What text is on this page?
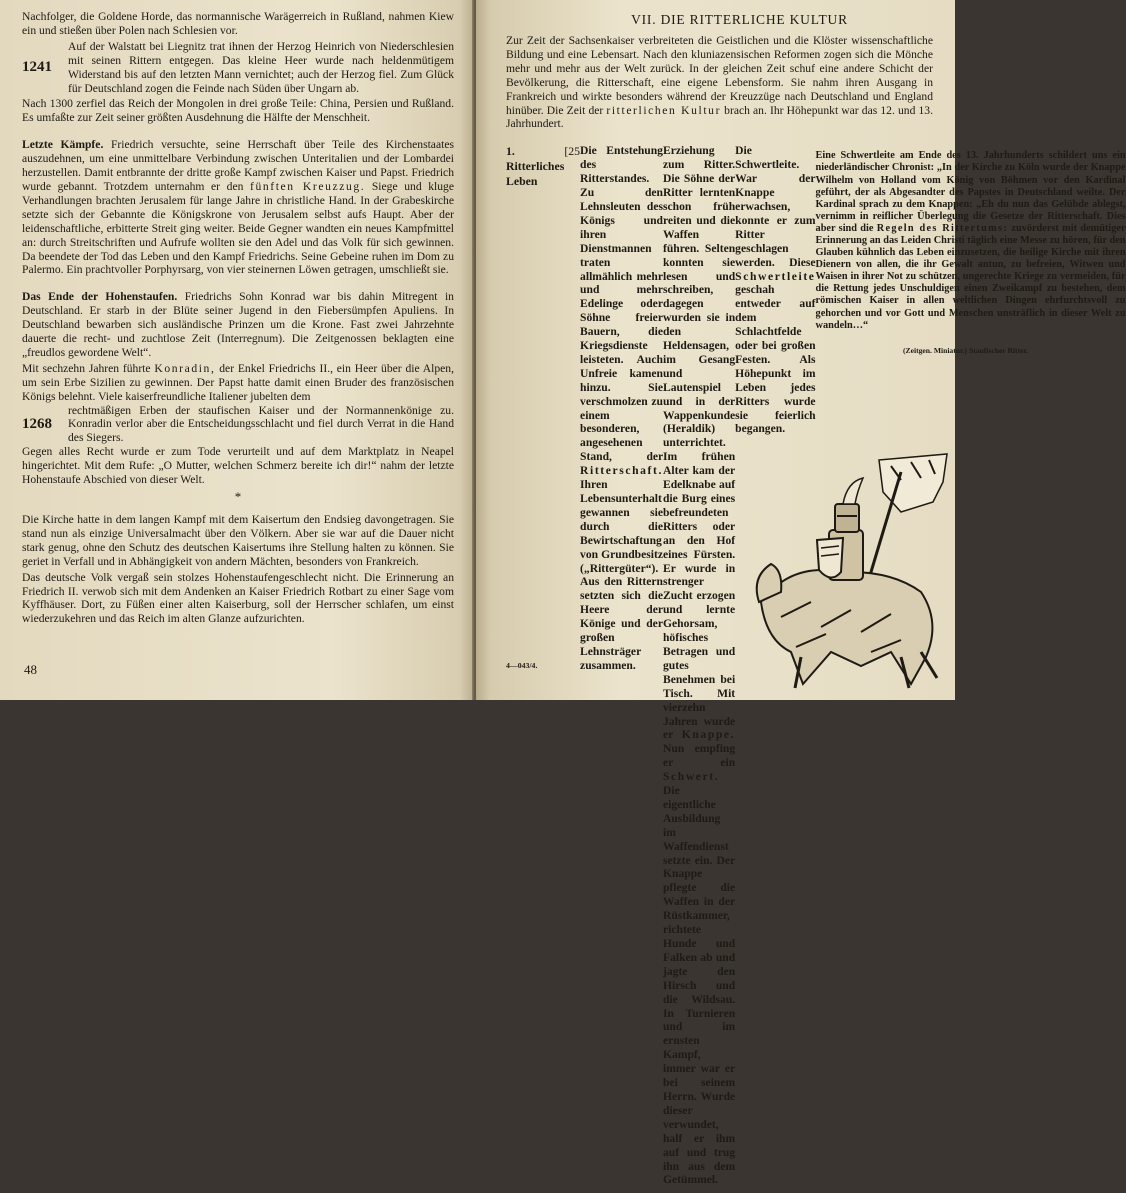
Nachfolger, die Goldene Horde, das normannische Warägerreich in Rußland, nahmen Kiew ein und stießen über Polen nach Schlesien vor.

1241

Auf der Walstatt bei Liegnitz trat ihnen der Herzog Heinrich von Niederschlesien mit seinen Rittern entgegen. Das kleine Heer wurde nach heldenmütigem Widerstand bis auf den letzten Mann vernichtet; auch der Herzog fiel. Zum Glück für Deutschland zogen die Feinde nach Süden über Ungarn ab.

Nach 1300 zerfiel das Reich der Mongolen in drei große Teile: China, Persien und Rußland. Es umfaßte zur Zeit seiner größten Ausdehnung die Hälfte der Menschheit.

Letzte Kämpfe. Friedrich versuchte, seine Herrschaft über Teile des Kirchenstaates auszudehnen, um eine unmittelbare Verbindung zwischen Unteritalien und der Lombardei herzustellen. Damit entbrannte der dritte große Kampf zwischen Kaiser und Papst. Friedrich wurde gebannt. Trotzdem unternahm er den fünften Kreuzzug. Siege und kluge Verhandlungen brachten Jerusalem für lange Jahre in christliche Hand. In der Grabeskirche setzte sich der Gebannte die Königskrone von Jerusalem selbst aufs Haupt. Aber der leidenschaftliche, erbitterte Streit ging weiter. Beide Gegner wandten ein neues Kampfmittel an: durch Streitschriften und Aufrufe wollten sie den Adel und das Volk für sich gewinnen. Da beendete der Tod das Leben und den Kampf Friedrichs. Seine Gebeine ruhen im Dom zu Palermo. Ein prachtvoller Porphyrsarg, von vier steinernen Löwen getragen, umschließt sie.

Das Ende der Hohenstaufen. Friedrichs Sohn Konrad war bis dahin Mitregent in Deutschland. Er starb in der Blüte seiner Jugend in den Fiebersümpfen Apuliens. In Deutschland bewarben sich ausländische Prinzen um die Krone. Fast zwei Jahrzehnte dauerte die recht- und zuchtlose Zeit (Interregnum). Die Zeitgenossen beklagten eine „freudlos gewordene Welt“.

Mit sechzehn Jahren führte Konradin, der Enkel Friedrichs II., ein Heer über die Alpen, um sein Erbe Sizilien zu gewinnen. Der Papst hatte damit einen Bruder des französischen Königs belehnt. Viele kaiserfreundliche Italiener jubelten dem

1268

rechtmäßigen Erben der staufischen Kaiser und der Normannenkönige zu. Konradin verlor aber die Entscheidungsschlacht und fiel durch Verrat in die Hand des Siegers.

Gegen alles Recht wurde er zum Tode verurteilt und auf dem Marktplatz in Neapel hingerichtet. Mit dem Rufe: „O Mutter, welchen Schmerz bereite ich dir!“ nahm der letzte Hohenstaufe Abschied von dieser Welt.

*

Die Kirche hatte in dem langen Kampf mit dem Kaisertum den Endsieg davongetragen. Sie stand nun als einzige Universalmacht über den Völkern. Aber sie war auf die Dauer nicht stark genug, ohne den Schutz des deutschen Kaisertums ihre Stellung halten zu können. Sie geriet in Verfall und in Abhängigkeit von andern Mächten, besonders von Frankreich.

Das deutsche Volk vergaß sein stolzes Hohenstaufengeschlecht nicht. Die Erinnerung an Friedrich II. verwob sich mit dem Andenken an Kaiser Friedrich Rotbart zu einer Sage vom Kyffhäuser. Dort, zu Füßen einer alten Kaiserburg, soll der Herrscher schlafen, um einst wiederzukehren und das Reich im alten Glanze aufzurichten.

48
VII. DIE RITTERLICHE KULTUR

Zur Zeit der Sachsenkaiser verbreiteten die Geistlichen und die Klöster wissenschaftliche Bildung und eine Lebensart. Nach den kluniazensischen Reformen zogen sich die Mönche mehr und mehr aus der Welt zurück. In der gleichen Zeit schuf eine andere Schicht der Bevölkerung, die Ritterschaft, eine eigene Lebensform. Sie nahm ihren Ausgang in Frankreich und wirkte besonders während der Kreuzzüge nach Deutschland und England hinüber. Die Zeit der ritterlichen Kultur brach an. Ihr Höhepunkt war das 12. und 13. Jahrhundert.

1. Ritterliches Leben
[25 Die Entstehung des Ritterstandes. Zu den Lehnsleuten des Königs und ihren Dienstmannen traten allmählich mehr und mehr Edelinge oder Söhne freier Bauern, die Kriegsdienste leisteten. Auch Unfreie kamen hinzu. Sie verschmolzen zu einem besonderen, angesehenen Stand, der Ritterschaft. Ihren Lebensunterhalt gewannen sie durch die Bewirtschaftung von Grundbesitz („Rittergüter“). Aus den Rittern setzten sich die Heere der Könige und der großen Lehnsträger zusammen.

Erziehung zum Ritter. Die Söhne der Ritter lernten schon früh reiten und die Waffen führen. Selten konnten sie lesen und schreiben, dagegen wurden sie in den Heldensagen, im Gesang und Lautenspiel und in der Wappenkunde (Heraldik) unterrichtet. Im frühen Alter kam der Edelknabe auf die Burg eines befreundeten Ritters oder an den Hof eines Fürsten. Er wurde in strenger Zucht erzogen und lernte Gehorsam, höfisches Betragen und gutes Benehmen bei Tisch. Mit vierzehn Jahren wurde er Knappe. Nun empfing er ein Schwert. Die eigentliche Ausbildung im Waffendienst setzte ein. Der Knappe pflegte die Waffen in der Rüstkammer, richtete Hunde und Falken ab und jagte den Hirsch und die Wildsau. In Turnieren und im ernsten Kampf, immer war er bei seinem Herrn. Wurde dieser verwundet, half er ihm auf und trug ihn aus dem Getümmel.

Die Schwertleite. War der Knappe erwachsen, konnte er zum Ritter geschlagen werden. Diese Schwertleite geschah entweder auf dem Schlachtfelde oder bei großen Festen. Als Höhepunkt im Leben jedes Ritters wurde sie feierlich begangen.

Eine Schwertleite am Ende des 13. Jahrhunderts schildert uns ein niederländischer Chronist: „In der Kirche zu Köln wurde der Knappe Wilhelm von Holland vom König von Böhmen vor den Kardinal geführt, der als Abgesandter des Papstes in Deutschland weilte. Der Kardinal sprach zu dem Knappen: „Eh du nun das Gelübde ablegst, vernimm in reiflicher Überlegung die Gesetze der Ritterschaft. Dies aber sind die Regeln des Rittertums: zuvörderst mit demütiger Erinnerung an das Leiden Christi täglich eine Messe zu hören, für den Glauben kühnlich das Leben einzusetzen, die heilige Kirche mit ihren Dienern von allen, die ihr Gewalt antun, zu befreien, Witwen und Waisen in ihrer Not zu schützen, ungerechte Kriege zu vermeiden, für die Rettung jedes Unschuldigen einen Zweikampf zu bestehen, dem römischen Kaiser in allen weltlichen Dingen ehrfurchtsvoll zu gehorchen und vor Gott und Menschen unsträflich in dieser Welt zu wandeln…“

(Zeitgen. Miniatur.) Staufischer Ritter.
4—043/4.
